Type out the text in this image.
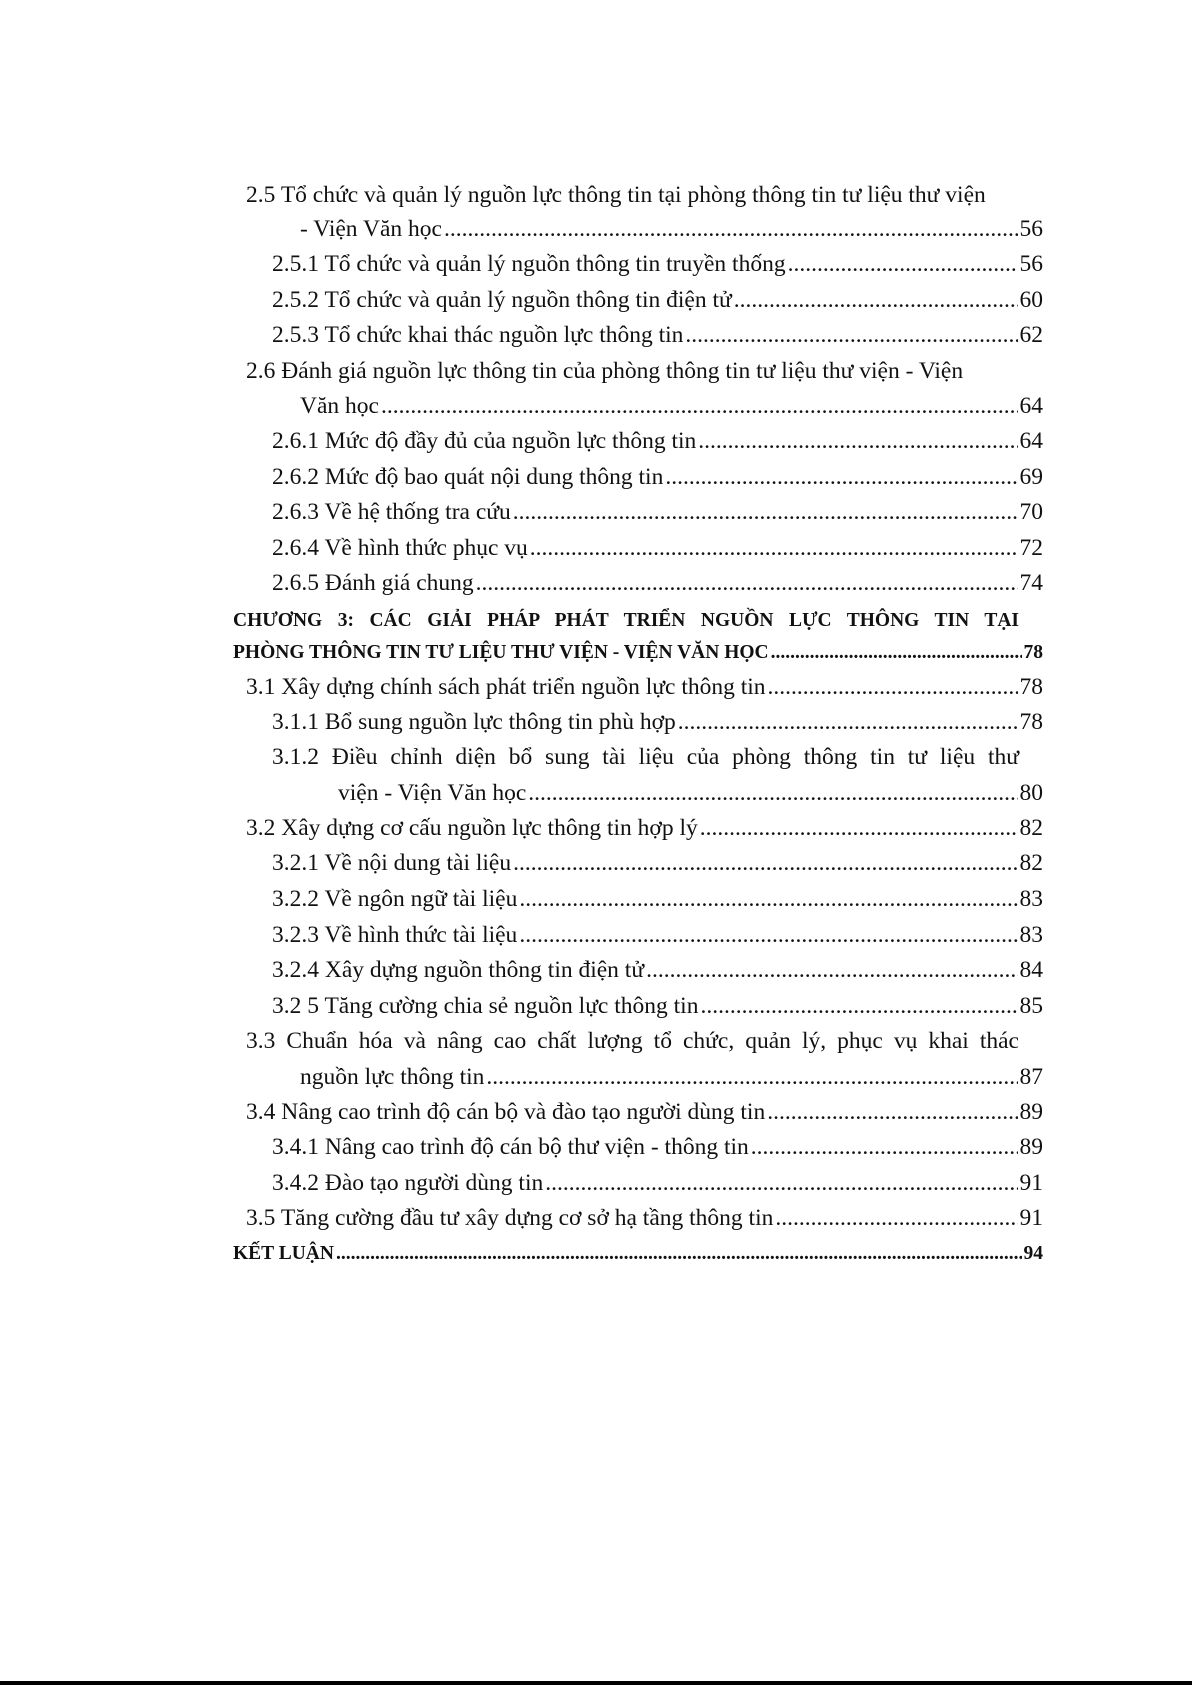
2.5 Tổ chức và quản lý nguồn lực thông tin tại phòng thông tin tư liệu thư viện
- Viện Văn học .....	56
2.5.1 Tổ chức và quản lý nguồn thông tin truyền thống .....	56
2.5.2 Tổ chức và quản lý nguồn thông tin điện tử .....	60
2.5.3 Tổ chức khai thác nguồn lực thông tin .....	62
2.6 Đánh giá nguồn lực thông tin của phòng thông tin tư liệu thư viện - Viện
Văn học .....	64
2.6.1 Mức độ đầy đủ của nguồn lực thông tin .....	64
2.6.2 Mức độ bao quát nội dung thông tin .....	69
2.6.3 Về hệ thống tra cứu .....	70
2.6.4 Về hình thức phục vụ .....	72
2.6.5 Đánh giá chung .....	74
CHƯƠNG 3: CÁC GIẢI PHÁP PHÁT TRIỂN NGUỒN LỰC THÔNG TIN TẠI
PHÒNG THÔNG TIN TƯ LIỆU THƯ VIỆN - VIỆN VĂN HỌC .....	78
3.1 Xây dựng chính sách phát triển nguồn lực thông tin .....	78
3.1.1 Bổ sung nguồn lực thông tin phù hợp .....	78
3.1.2 Điều chỉnh diện bổ sung tài liệu của phòng thông tin tư liệu thư
viện - Viện Văn học .....	80
3.2 Xây dựng cơ cấu nguồn lực thông tin hợp lý .....	82
3.2.1 Về nội dung tài liệu .....	82
3.2.2 Về ngôn ngữ tài liệu .....	83
3.2.3 Về hình thức tài liệu .....	83
3.2.4 Xây dựng nguồn thông tin điện tử .....	84
3.2 5 Tăng cường chia sẻ nguồn lực thông tin .....	85
3.3 Chuẩn hóa và nâng cao chất lượng tổ chức, quản lý, phục vụ khai thác
nguồn lực thông tin .....	87
3.4 Nâng cao trình độ cán bộ và đào tạo người dùng tin .....	89
3.4.1 Nâng cao trình độ cán bộ thư viện - thông tin .....	89
3.4.2 Đào tạo người dùng tin .....	91
3.5 Tăng cường đầu tư xây dựng cơ sở hạ tầng thông tin .....	91
KẾT LUẬN .....	94
